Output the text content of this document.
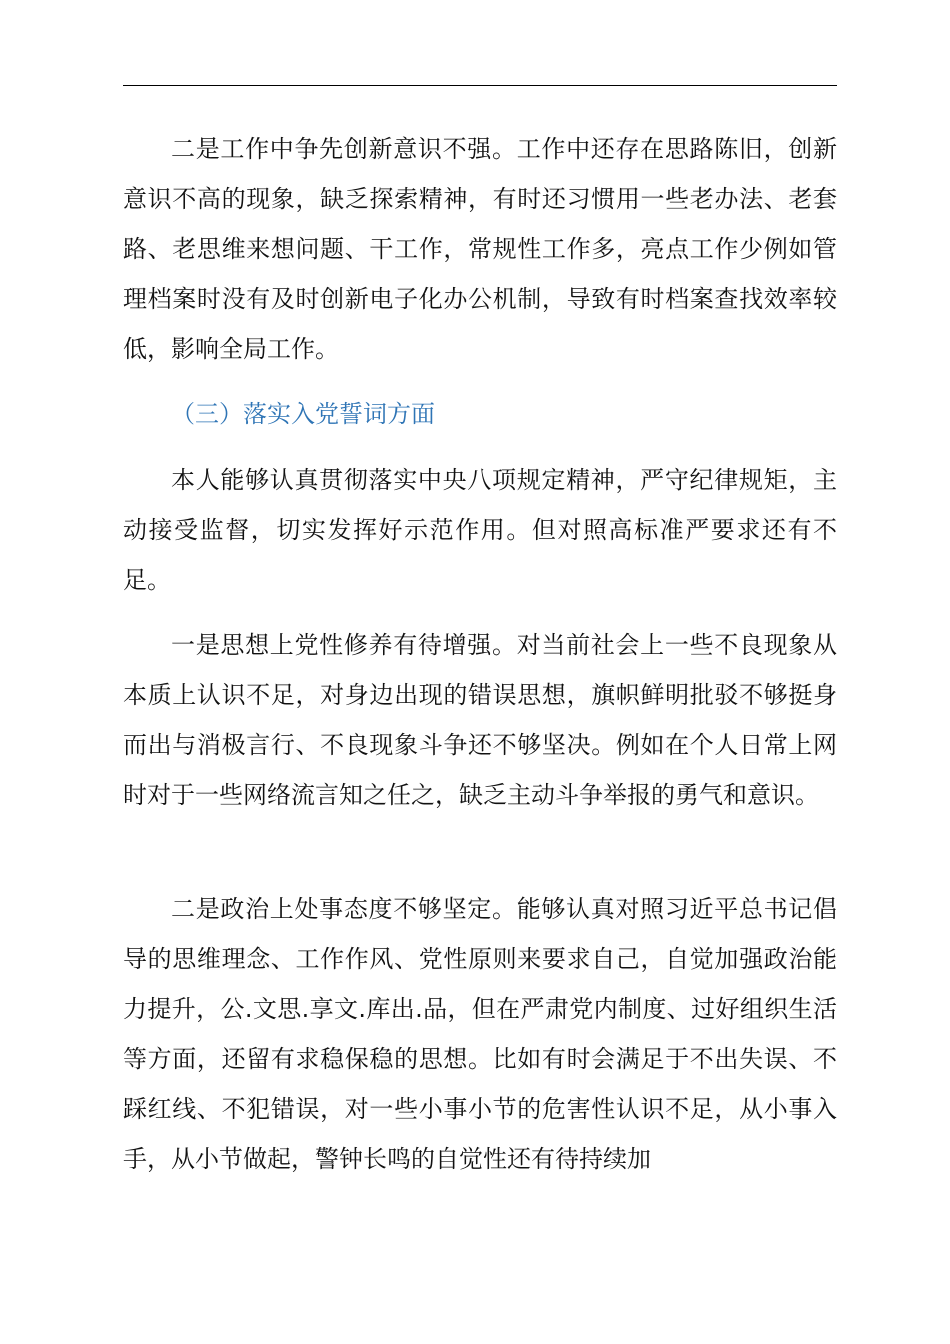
二是工作中争先创新意识不强。工作中还存在思路陈旧，创新意识不高的现象，缺乏探索精神，有时还习惯用一些老办法、老套路、老思维来想问题、干工作，常规性工作多，亮点工作少例如管理档案时没有及时创新电子化办公机制，导致有时档案查找效率较低，影响全局工作。

（三）落实入党誓词方面

本人能够认真贯彻落实中央八项规定精神，严守纪律规矩，主动接受监督，切实发挥好示范作用。但对照高标准严要求还有不足。

一是思想上党性修养有待增强。对当前社会上一些不良现象从本质上认识不足，对身边出现的错误思想，旗帜鲜明批驳不够挺身而出与消极言行、不良现象斗争还不够坚决。例如在个人日常上网时对于一些网络流言知之任之，缺乏主动斗争举报的勇气和意识。

二是政治上处事态度不够坚定。能够认真对照习近平总书记倡导的思维理念、工作作风、党性原则来要求自己，自觉加强政治能力提升，公.文思.享文.库出.品，但在严肃党内制度、过好组织生活等方面，还留有求稳保稳的思想。比如有时会满足于不出失误、不踩红线、不犯错误，对一些小事小节的危害性认识不足，从小事入手，从小节做起，警钟长鸣的自觉性还有待持续加
